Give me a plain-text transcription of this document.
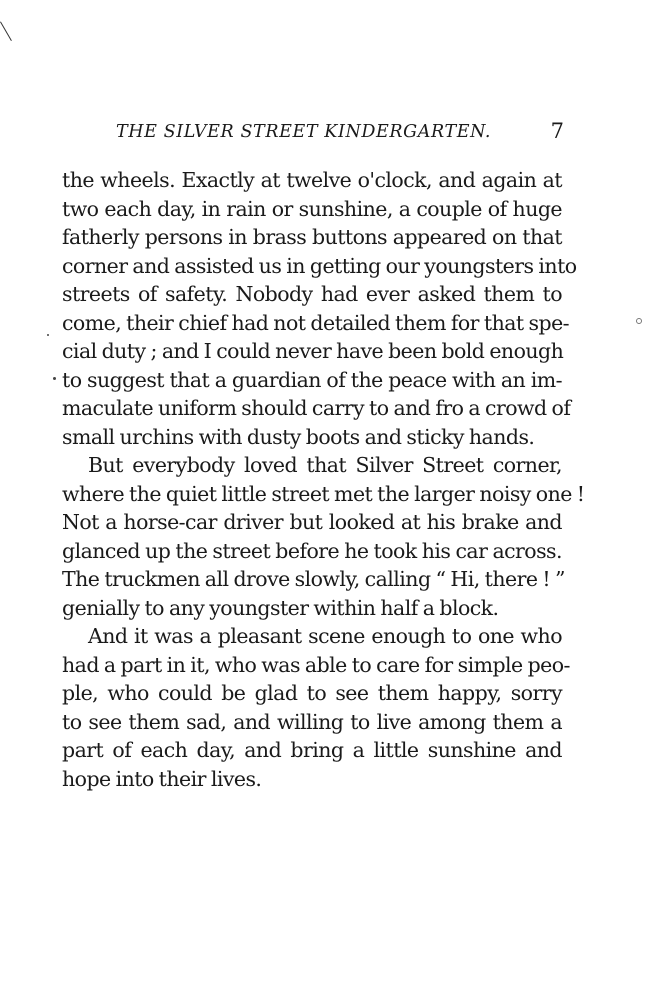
THE SILVER STREET KINDERGARTEN.	7
the wheels. Exactly at twelve o'clock, and again at
two each day, in rain or sunshine, a couple of huge
fatherly persons in brass buttons appeared on that
corner and assisted us in getting our youngsters into
streets of safety. Nobody had ever asked them to
come, their chief had not detailed them for that spe-
cial duty ; and I could never have been bold enough
to suggest that a guardian of the peace with an im-
maculate uniform should carry to and fro a crowd of
small urchins with dusty boots and sticky hands.
But everybody loved that Silver Street corner,
where the quiet little street met the larger noisy one !
Not a horse-car driver but looked at his brake and
glanced up the street before he took his car across.
The truckmen all drove slowly, calling “ Hi, there ! ”
genially to any youngster within half a block.
And it was a pleasant scene enough to one who
had a part in it, who was able to care for simple peo-
ple, who could be glad to see them happy, sorry
to see them sad, and willing to live among them a
part of each day, and bring a little sunshine and
hope into their lives.
